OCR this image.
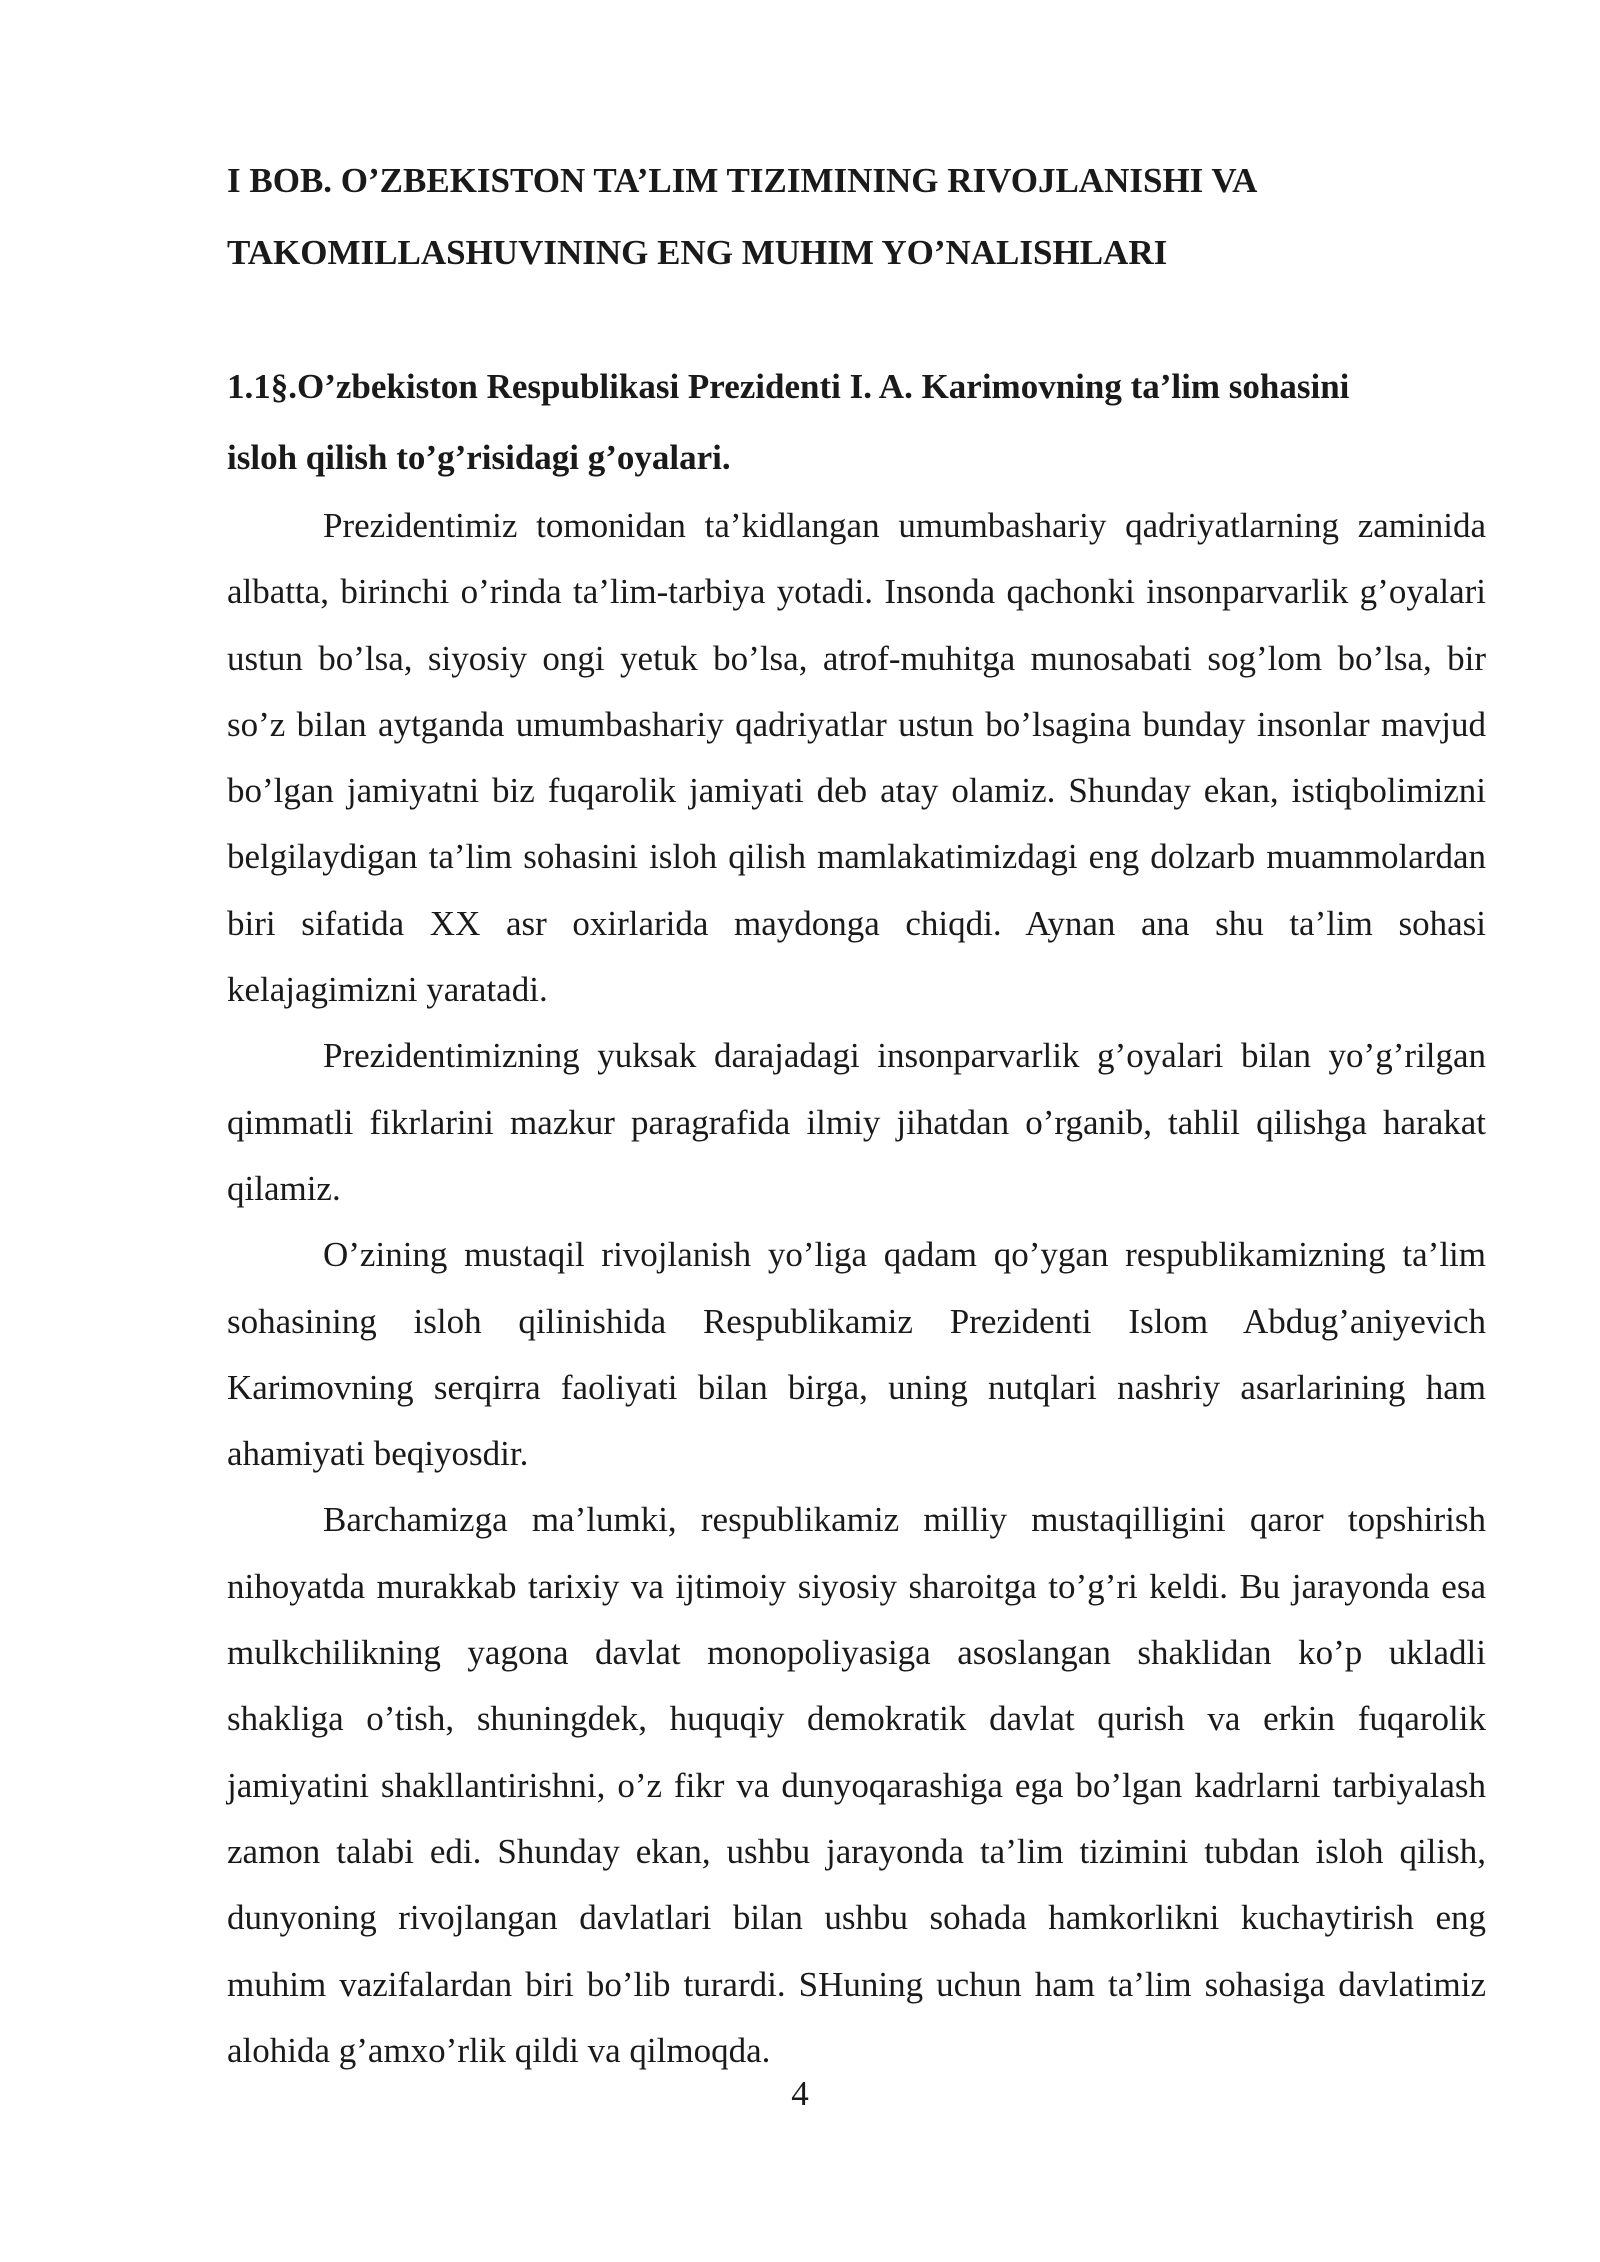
I BOB. O’ZBEKISTON TA’LIM TIZIMINING RIVOJLANISHI VA
TAKOMILLASHUVINING ENG MUHIM YO’NALISHLARI
1.1§.O’zbekiston Respublikasi Prezidenti I. A. Karimovning ta’lim sohasini
isloh qilish to’g’risidagi g’oyalari.

Prezidentimiz tomonidan ta’kidlangan umumbashariy qadriyatlarning zaminida albatta, birinchi o’rinda ta’lim-tarbiya yotadi. Insonda qachonki insonparvarlik g’oyalari ustun bo’lsa, siyosiy ongi yetuk bo’lsa, atrof-muhitga munosabati sog’lom bo’lsa, bir so’z bilan aytganda umumbashariy qadriyatlar ustun bo’lsagina bunday insonlar mavjud bo’lgan jamiyatni biz fuqarolik jamiyati deb atay olamiz. Shunday ekan, istiqbolimizni belgilaydigan ta’lim sohasini isloh qilish mamlakatimizdagi eng dolzarb muammolardan biri sifatida XX asr oxirlarida maydonga chiqdi. Aynan ana shu ta’lim sohasi kelajagimizni yaratadi.

Prezidentimizning yuksak darajadagi insonparvarlik g’oyalari bilan yo’g’rilgan qimmatli fikrlarini mazkur paragrafida ilmiy jihatdan o’rganib, tahlil qilishga harakat qilamiz.

O’zining mustaqil rivojlanish yo’liga qadam qo’ygan respublikamizning ta’lim sohasining isloh qilinishida Respublikamiz Prezidenti Islom Abdug’aniyevich Karimovning serqirra faoliyati bilan birga, uning nutqlari nashriy asarlarining ham ahamiyati beqiyosdir.

Barchamizga ma’lumki, respublikamiz milliy mustaqilligini qaror topshirish nihoyatda murakkab tarixiy va ijtimoiy siyosiy sharoitga to’g’ri keldi. Bu jarayonda esa mulkchilikning yagona davlat monopoliyasiga asoslangan shaklidan ko’p ukladli shakliga o’tish, shuningdek, huquqiy demokratik davlat qurish va erkin fuqarolik jamiyatini shakllantirishni, o’z fikr va dunyoqarashiga ega bo’lgan kadrlarni tarbiyalash zamon talabi edi. Shunday ekan, ushbu jarayonda ta’lim tizimini tubdan isloh qilish, dunyoning rivojlangan davlatlari bilan ushbu sohada hamkorlikni kuchaytirish eng muhim vazifalardan biri bo’lib turardi. SHuning uchun ham ta’lim sohasiga davlatimiz alohida g’amxo’rlik qildi va qilmoqda.

4
